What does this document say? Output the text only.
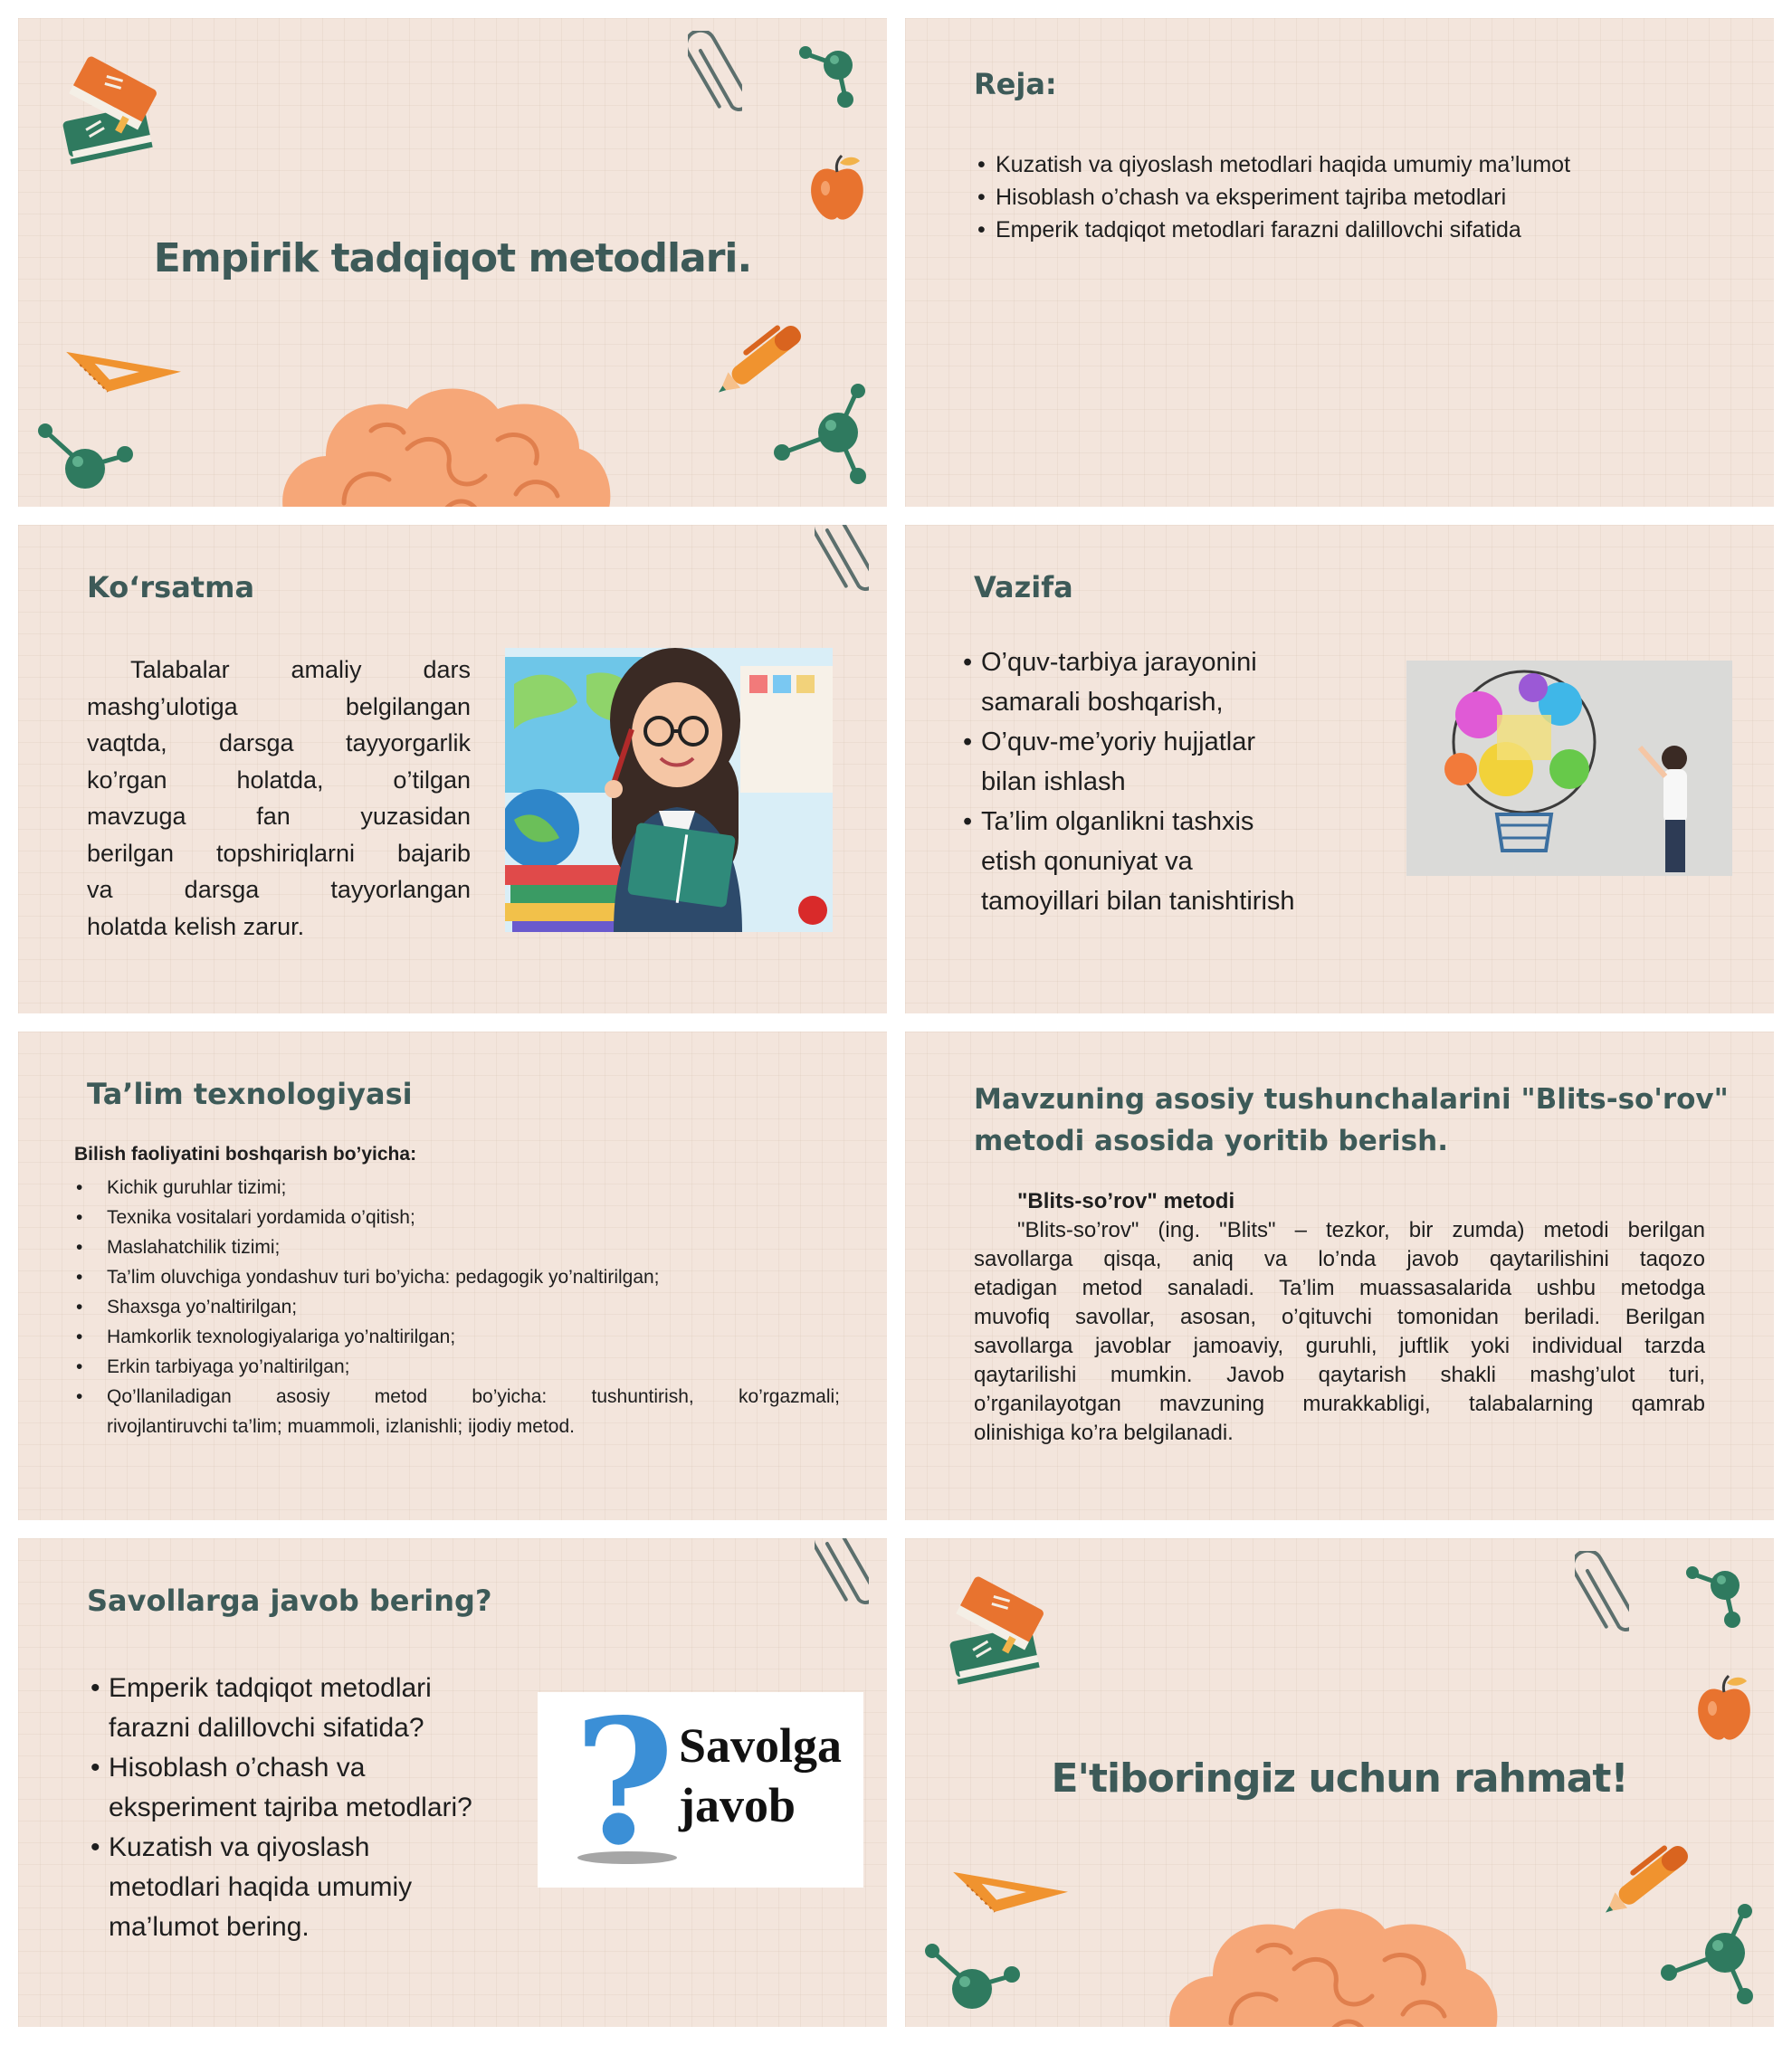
Empirik tadqiqot metodlari.
Reja:
• Kuzatish va qiyoslash metodlari haqida umumiy ma’lumot
• Hisoblash o’chash va eksperiment tajriba metodlari
• Emperik tadqiqot metodlari farazni dalillovchi sifatida
Ko‘rsatma
Talabalar amaliy dars
mashg’ulotiga belgilangan
vaqtda, darsga tayyorgarlik
ko’rgan holatda, o’tilgan
mavzuga fan yuzasidan
berilgan topshiriqlarni bajarib
va darsga tayyorlangan
holatda kelish zarur.
Vazifa
• O’quv-tarbiya jarayonini
samarali boshqarish,
• O’quv-me’yoriy hujjatlar
bilan ishlash
• Ta’lim olganlikni tashxis
etish qonuniyat va
tamoyillari bilan tanishtirish
Ta’lim texnologiyasi
Bilish faoliyatini boshqarish bo’yicha:
• Kichik guruhlar tizimi;
• Texnika vositalari yordamida o’qitish;
• Maslahatchilik tizimi;
• Ta’lim oluvchiga yondashuv turi bo’yicha: pedagogik yo’naltirilgan;
• Shaxsga yo’naltirilgan;
• Hamkorlik texnologiyalariga yo’naltirilgan;
• Erkin tarbiyaga yo’naltirilgan;
• Qo’llaniladigan asosiy metod bo’yicha: tushuntirish, ko’rgazmali;
rivojlantiruvchi ta’lim; muammoli, izlanishli; ijodiy metod.
Mavzuning asosiy tushunchalarini "Blits-so'rov"
metodi asosida yoritib berish.
"Blits-so’rov" metodi
"Blits-so’rov" (ing. "Blits" – tezkor, bir zumda) metodi berilgan
savollarga qisqa, aniq va lo’nda javob qaytarilishini taqozo
etadigan metod sanaladi. Ta’lim muassasalarida ushbu metodga
muvofiq savollar, asosan, o’qituvchi tomonidan beriladi. Berilgan
savollarga javoblar jamoaviy, guruhli, juftlik yoki individual tarzda
qaytarilishi mumkin. Javob qaytarish shakli mashg’ulot turi,
o’rganilayotgan mavzuning murakkabligi, talabalarning qamrab
olinishiga ko’ra belgilanadi.
Savollarga javob bering?
• Emperik tadqiqot metodlari
farazni dalillovchi sifatida?
• Hisoblash o’chash va
eksperiment tajriba metodlari?
• Kuzatish va qiyoslash
metodlari haqida umumiy
ma’lumot bering.
? Savolga
javob	E'tiboringiz uchun rahmat!
